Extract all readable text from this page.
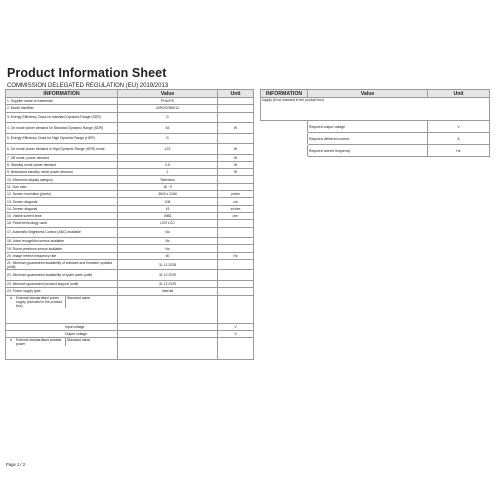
Product Information Sheet
COMMISSION DELEGATED REGULATION (EU) 2019/2013
INFORMATION	Value	Unit
1. Supplier name or trademark	PHILIPS	
2. Model identifier	43PUS7855/12	
3. Energy Efficiency Class for standard Dynamic Range (SDR)	G	
4. On mode power demand for Standard Dynamic Range (SDR)	63	W
5. Energy Efficiency Class for High Dynamic Range (HDR)	G	
6. On mode power demand in High Dynamic Range (HDR) mode	123	W
7. Off mode, power demand		W
8. Standby mode power demand	0.5	W
9. Networked standby mode power demand	2	W
10. Electronic display category	Television	
11. Size ratio	16 : 9	
12. Screen resolution (pixels)	3840 x 2160	pixels
13. Screen diagonal	108	cm
14. Screen diagonal	43	inches
15. Visible screen area	4983	cm²
16. Panel technology used	LED LCD	
17. Automatic Brightness Control (ABC) available	No	
18. Voice recognition sensor available	No	
19. Room presence sensor available	No	
20. Image refresh frequency rate	50	Hz
21. Minimum guaranteed availability of software and firmware updates (until)	31 12 2028	
22. Minimum guaranteed availability of spare parts (until)	31 12 2029	
23. Minimum guaranteed product support (until)	31 12 2029	
24. Power supply type:	Internal	

a External standardised power supply (included in the product box)
Standard name		

Input voltage		V
Output voltage		V

b External standardised suitable power
Standard name		

INFORMATION	Value	Unit
supply (if not included in the product box)		
	Required output voltage	V
	Required delivered current	A
	Required current frequency	Hz
Page 1 / 2
